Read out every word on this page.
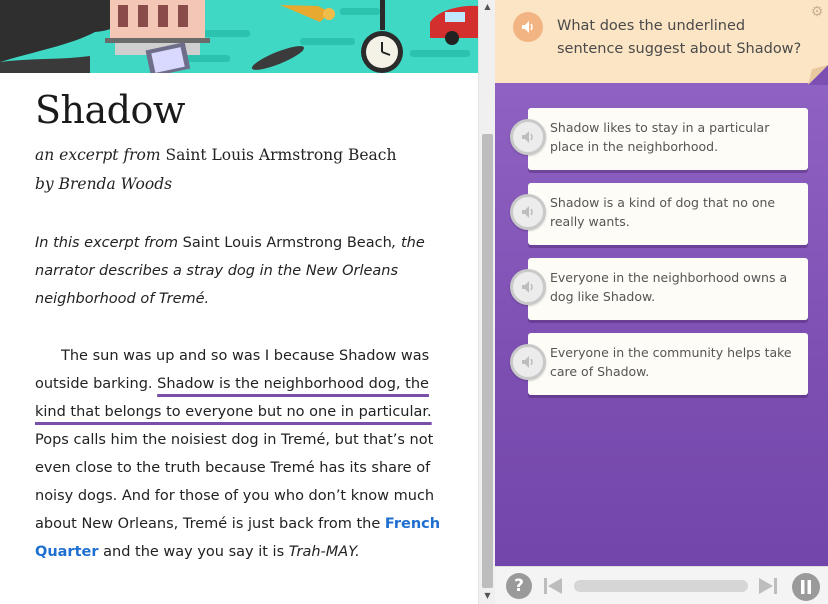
Shadow
an excerpt from Saint Louis Armstrong Beach
by Brenda Woods
In this excerpt from Saint Louis Armstrong Beach, the narrator describes a stray dog in the New Orleans neighborhood of Tremé.
The sun was up and so was I because Shadow was outside barking. Shadow is the neighborhood dog, the kind that belongs to everyone but no one in particular. Pops calls him the noisiest dog in Tremé, but that’s not even close to the truth because Tremé has its share of noisy dogs. And for those of you who don’t know much about New Orleans, Tremé is just back from the French Quarter and the way you say it is Trah-MAY.
▲
▼
What does the underlined sentence suggest about Shadow?
⚙
Shadow likes to stay in a particular place in the neighborhood.
Shadow is a kind of dog that no one really wants.
Everyone in the neighborhood owns a dog like Shadow.
Everyone in the community helps take care of Shadow.
?
